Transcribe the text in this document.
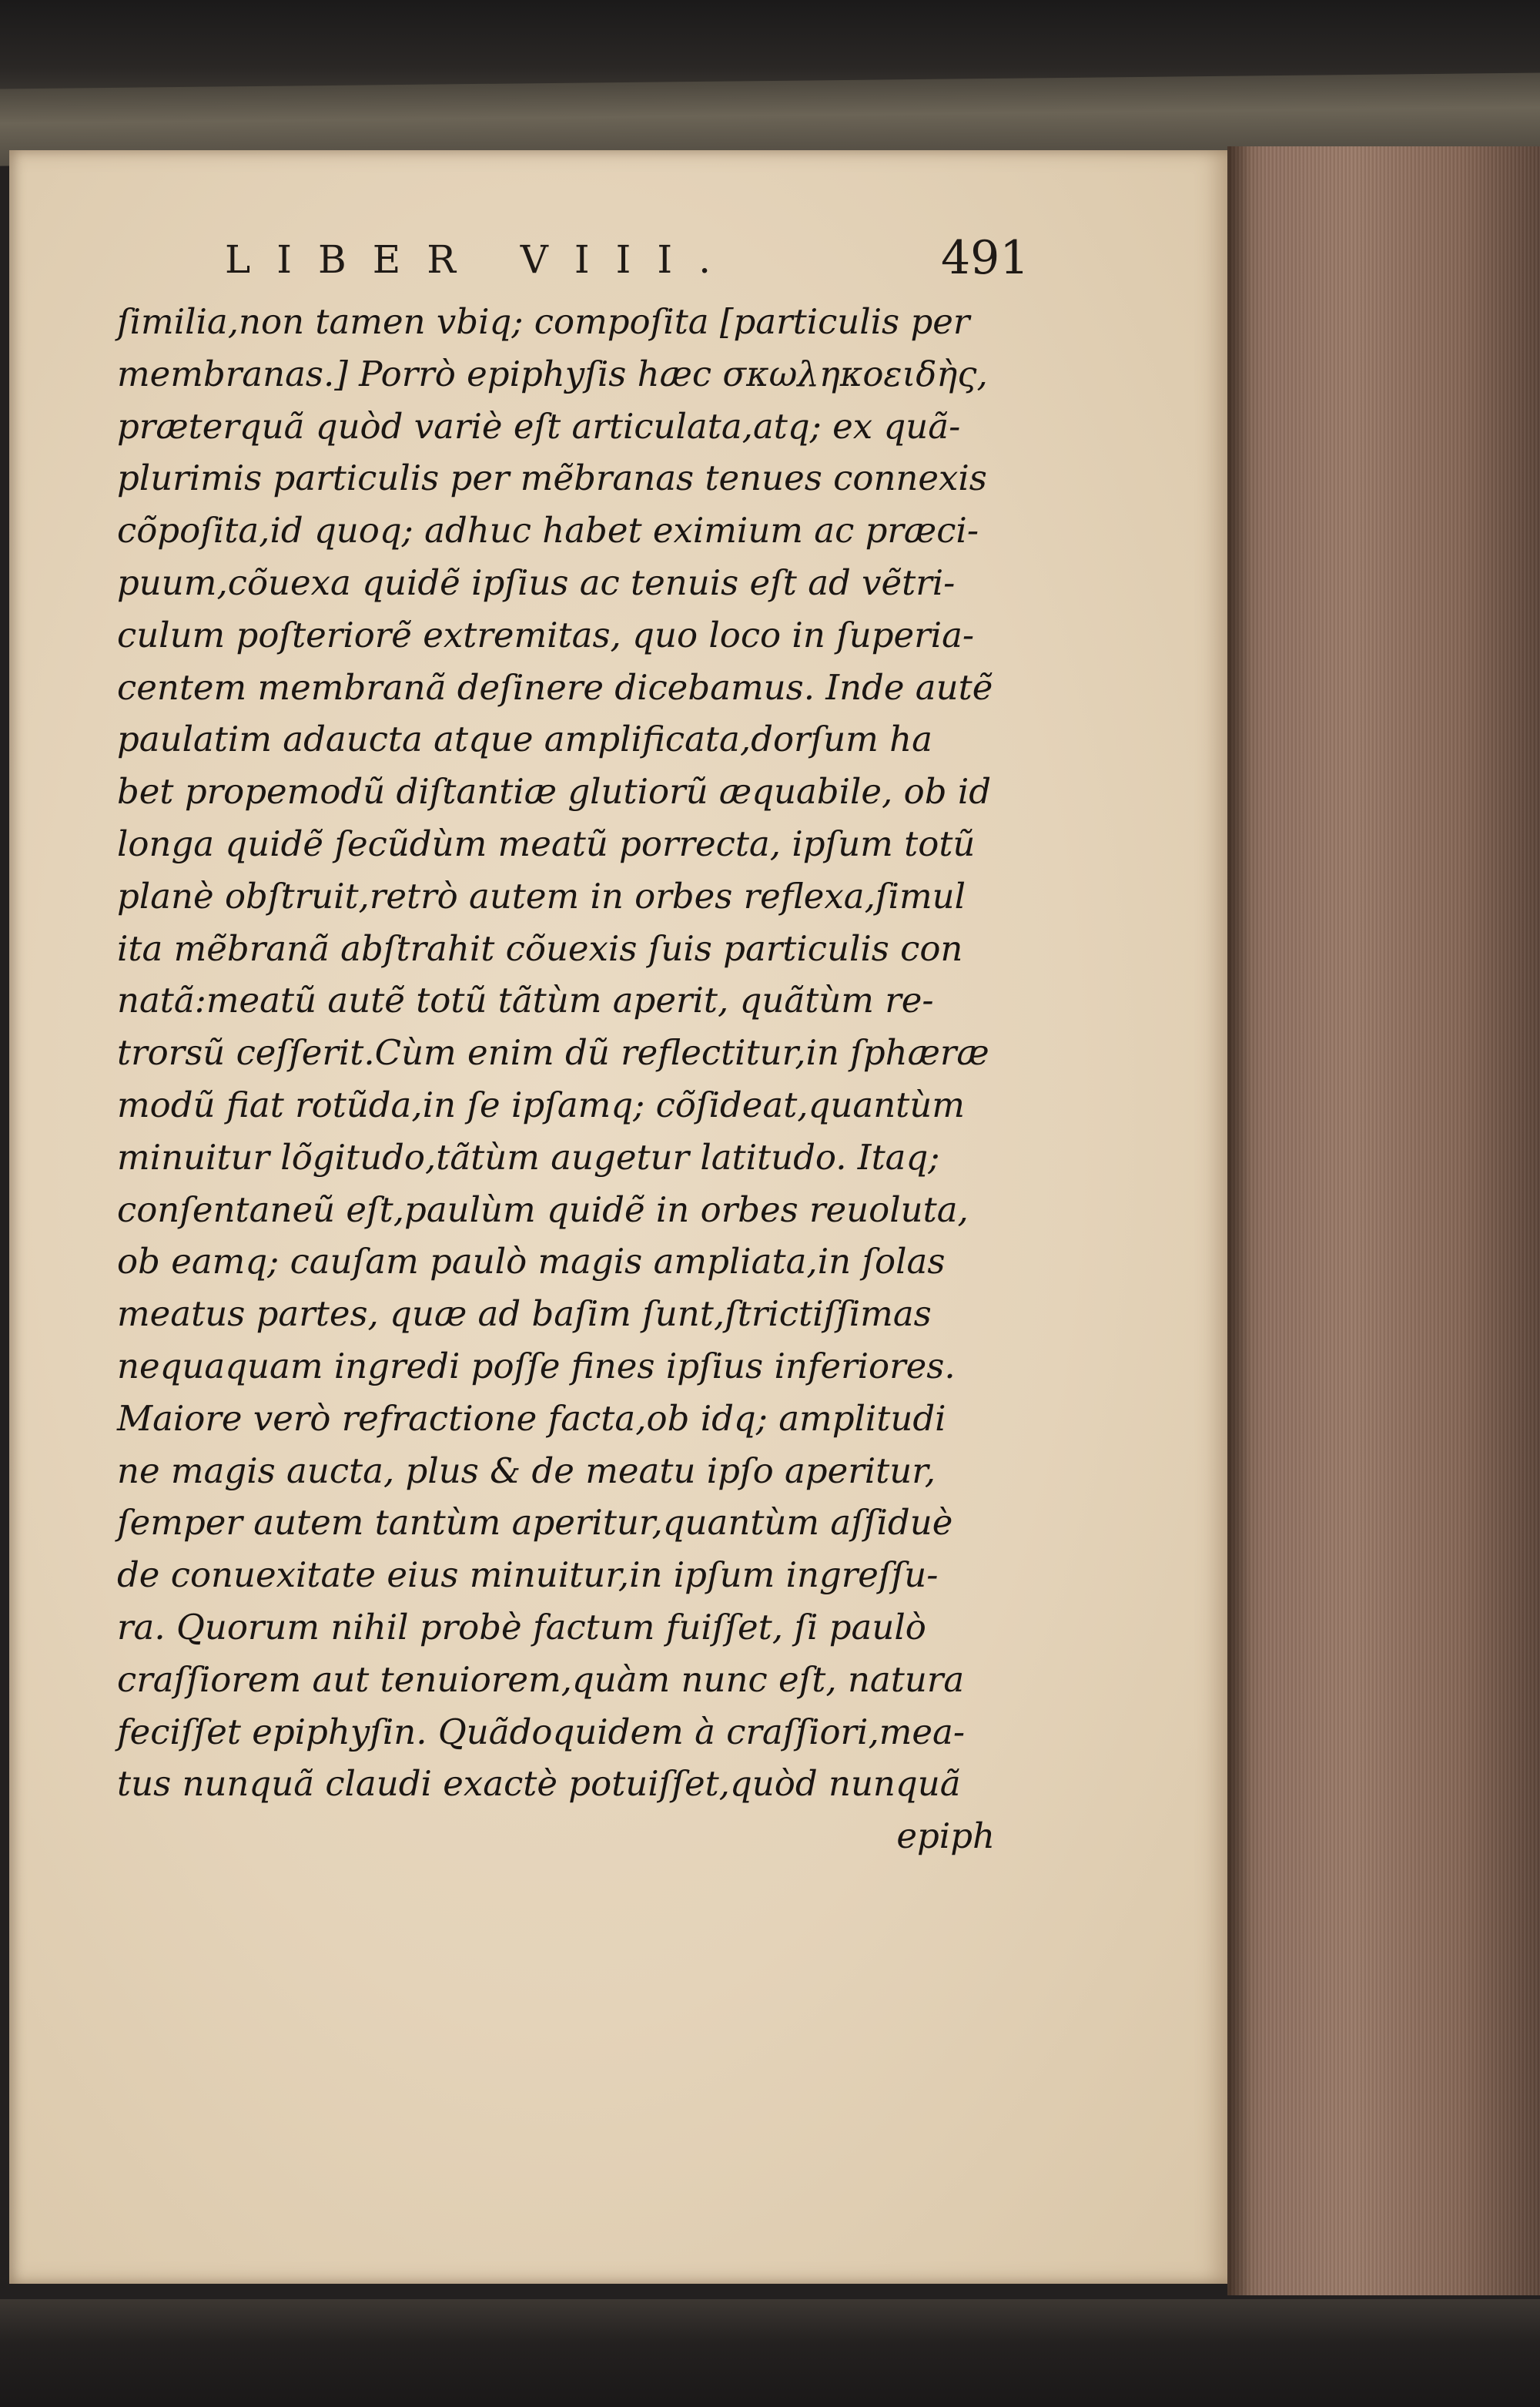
LIBER VIII.	491
ſimilia,non tamen vbiq; compoſita [particulis per
membranas.] Porrò epiphyſis hæc σκωληκοειδὴς,
præterquã quòd variè eſt articulata,atq; ex quã-
plurimis particulis per mẽbranas tenues connexis
cõpoſita,id quoq; adhuc habet eximium ac præci-
puum,cõuexa quidẽ ipſius ac tenuis eſt ad vẽtri-
culum poſteriorẽ extremitas, quo loco in ſuperia-
centem membranã deſinere dicebamus. Inde autẽ
paulatim adaucta atque amplificata,dorſum ha
bet propemodũ diſtantiæ glutiorũ æquabile, ob id
longa quidẽ ſecũdùm meatũ porrecta, ipſum totũ
planè obſtruit,retrò autem in orbes reflexa,ſimul
ita mẽbranã abſtrahit cõuexis ſuis particulis con
natã:meatũ autẽ totũ tãtùm aperit, quãtùm re-
trorsũ ceſſerit.Cùm enim dũ reflectitur,in ſphæræ
modũ fiat rotũda,in ſe ipſamq; cõſideat,quantùm
minuitur lõgitudo,tãtùm augetur latitudo. Itaq;
conſentaneũ eſt,paulùm quidẽ in orbes reuoluta,
ob eamq; cauſam paulò magis ampliata,in ſolas
meatus partes, quæ ad baſim ſunt,ſtrictiſſimas
nequaquam ingredi poſſe fines ipſius inferiores.
Maiore verò refractione facta,ob idq; amplitudi
ne magis aucta, plus & de meatu ipſo aperitur,
ſemper autem tantùm aperitur,quantùm aſſiduè
de conuexitate eius minuitur,in ipſum ingreſſu-
ra. Quorum nihil probè factum fuiſſet, ſi paulò
craſſiorem aut tenuiorem,quàm nunc eſt, natura
feciſſet epiphyſin. Quãdoquidem à craſſiori,mea-
tus nunquã claudi exactè potuiſſet,quòd nunquã
epiph
